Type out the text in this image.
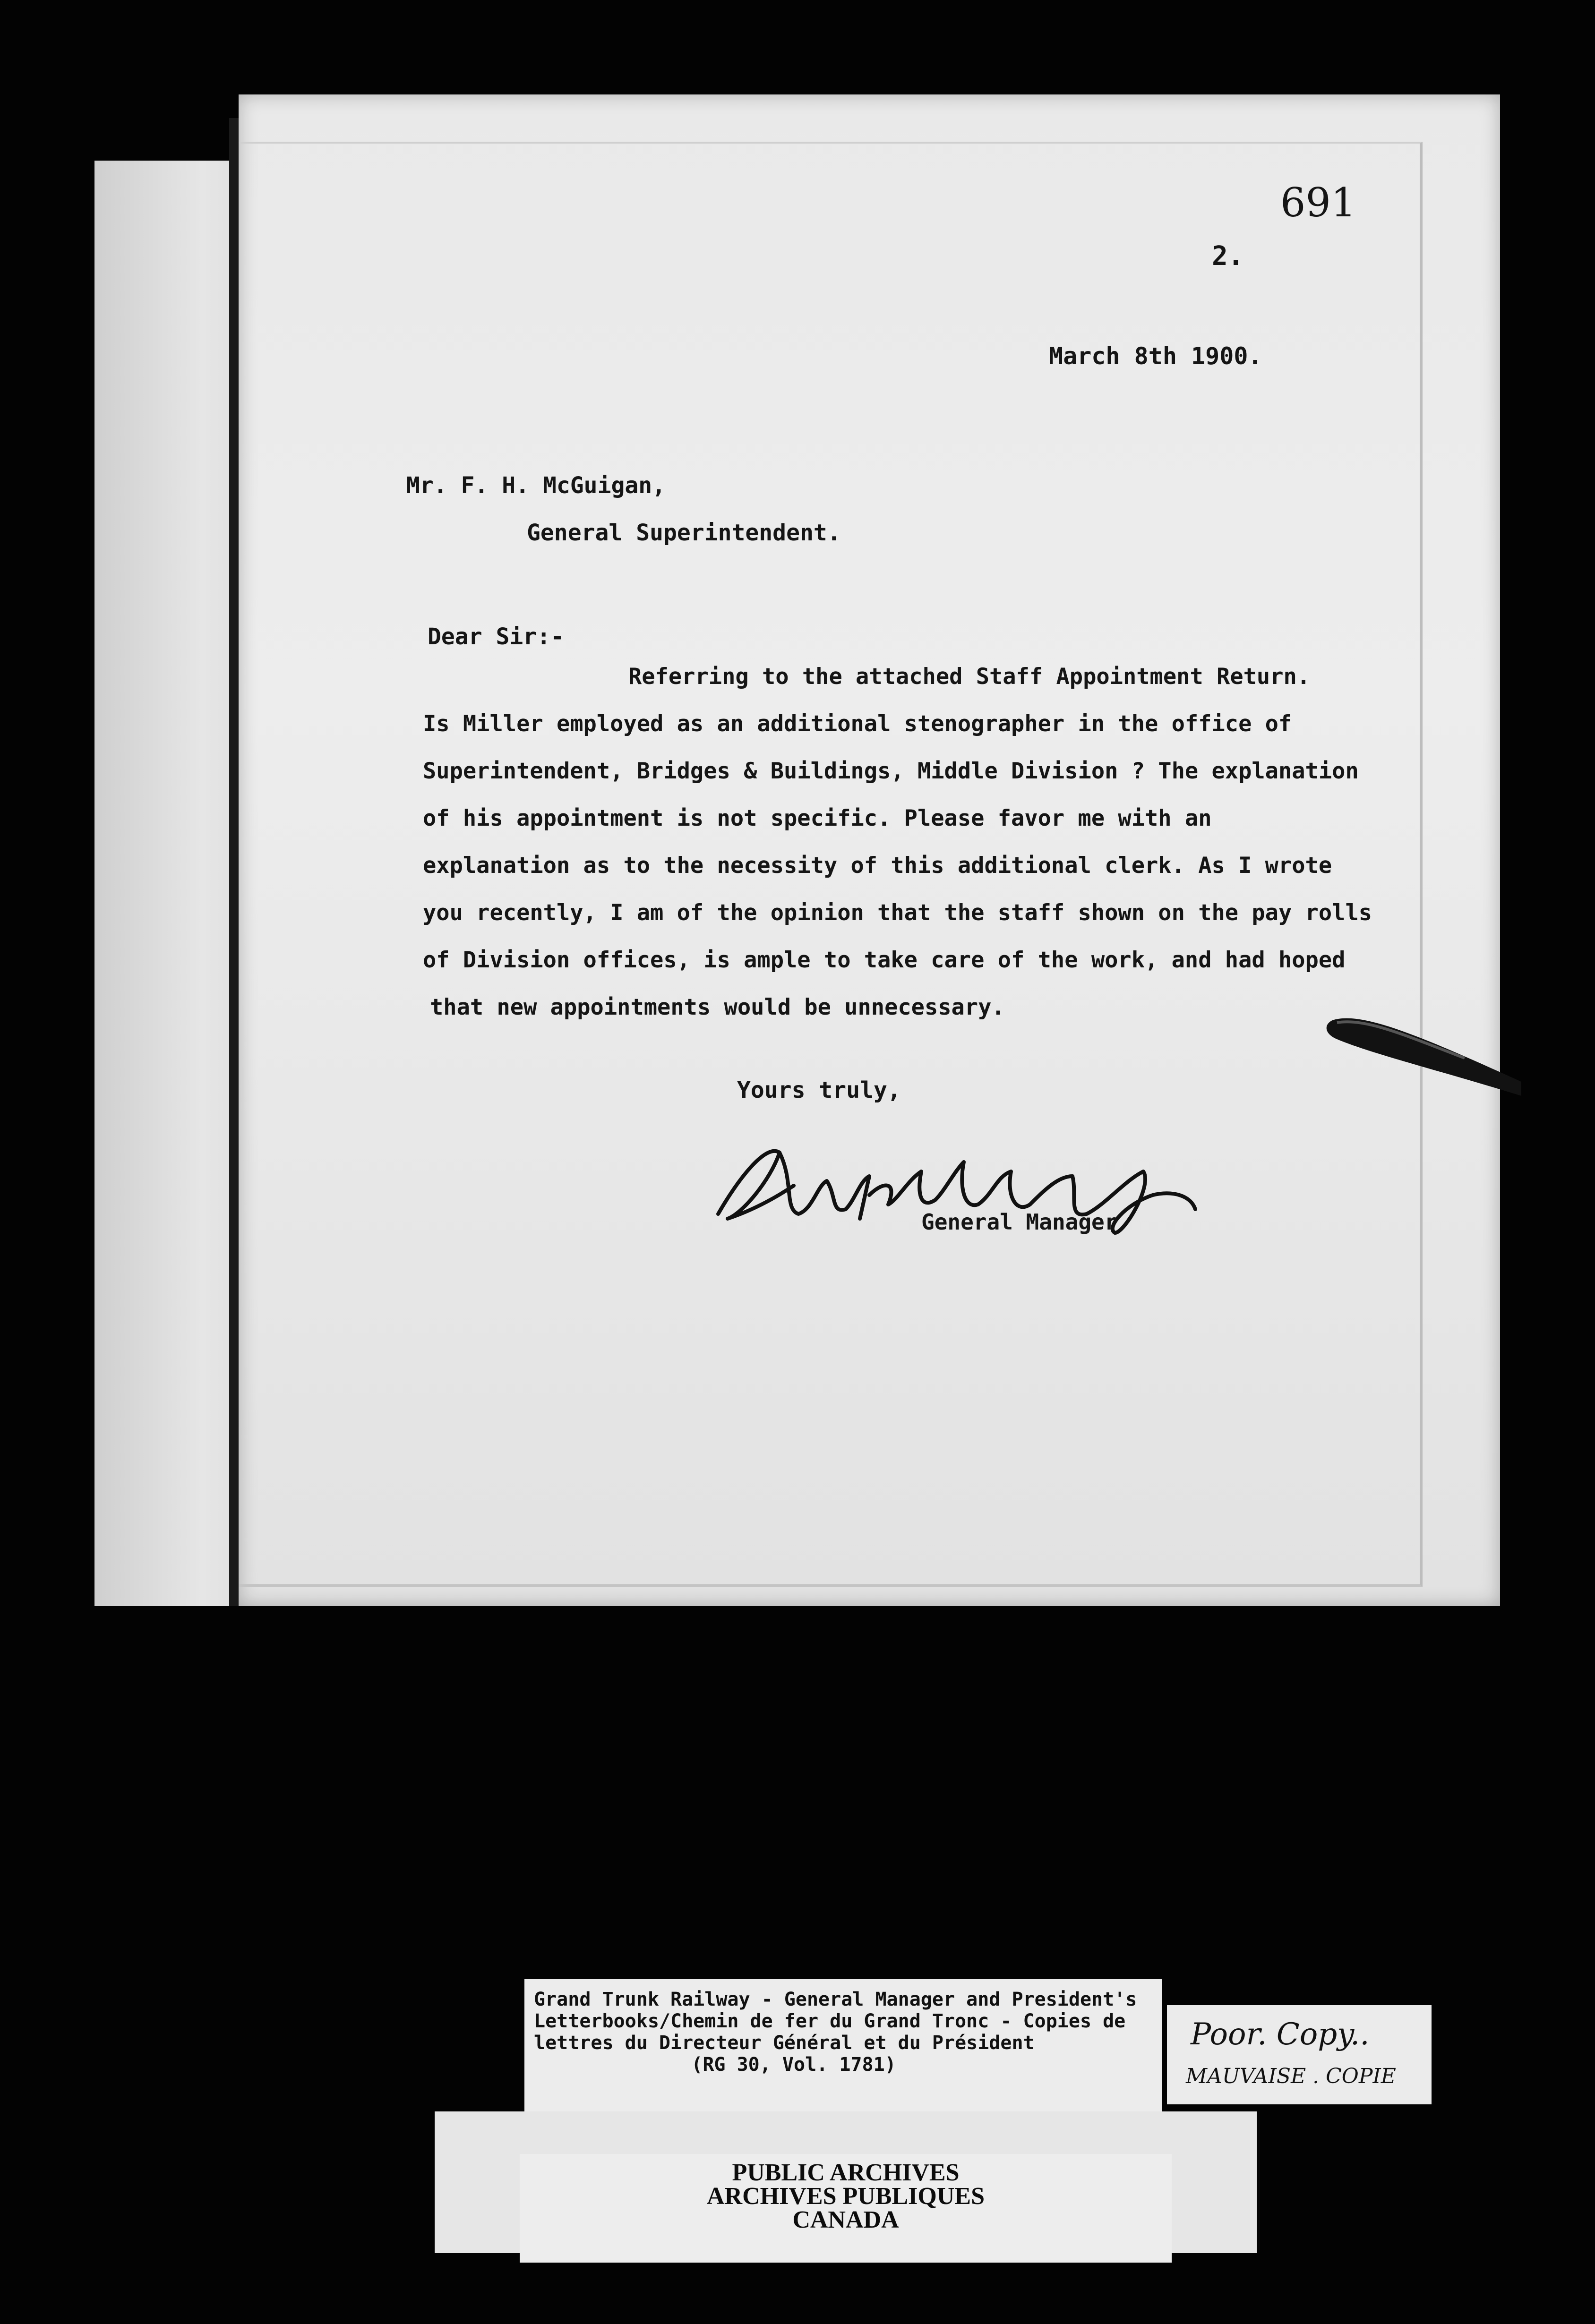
691
2.
March 8th 1900.
Mr. F. H. McGuigan,
General Superintendent.
Dear Sir:-
Referring to the attached Staff Appointment Return.
Is Miller employed as an additional stenographer in the office of
Superintendent, Bridges & Buildings, Middle Division ? The explanation
of his appointment is not specific. Please favor me with an
explanation as to the necessity of this additional clerk. As I wrote
you recently, I am of the opinion that the staff shown on the pay rolls
of Division offices, is ample to take care of the work, and had hoped
that new appointments would be unnecessary.
Yours truly,
General Manager
Grand Trunk Railway - General Manager and President's
Letterbooks/Chemin de fer du Grand Tronc - Copies de
lettres du Directeur Général et du Président

(RG 30, Vol. 1781)
PUBLIC ARCHIVES
ARCHIVES PUBLIQUES
CANADA
Poor. Copy..
MAUVAISE . COPIE
